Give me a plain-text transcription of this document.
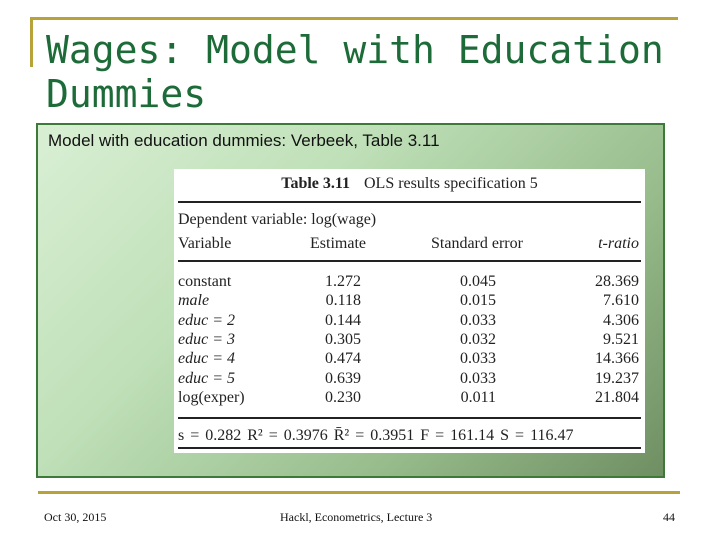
Wages: Model with Education Dummies
Model with education dummies: Verbeek, Table 3.11
Table 3.11 OLS results specification 5
Dependent variable: log(wage)
Variable	Estimate	Standard error	t-ratio
constant	1.272	0.045	28.369
male	0.118	0.015	7.610
educ = 2	0.144	0.033	4.306
educ = 3	0.305	0.032	9.521
educ = 4	0.474	0.033	14.366
educ = 5	0.639	0.033	19.237
log(exper)	0.230	0.011	21.804
s = 0.282 R² = 0.3976 R̄² = 0.3951 F = 161.14 S = 116.47
Oct 30, 2015	Hackl, Econometrics, Lecture 3	44
